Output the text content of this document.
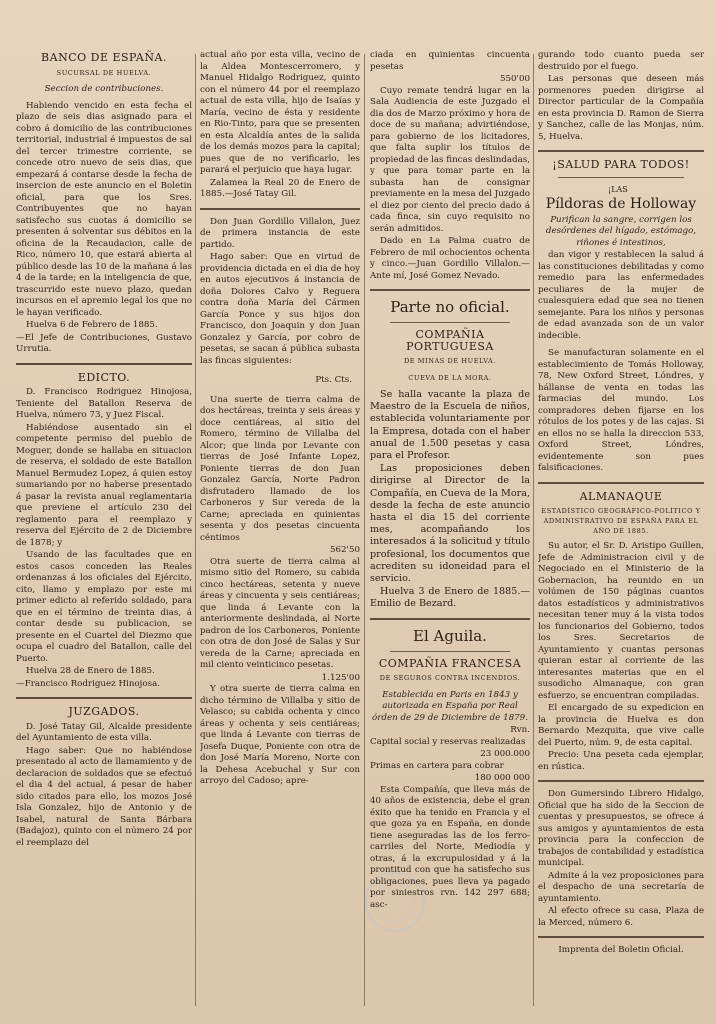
BANCO DE ESPAÑA.
SUCURSAL DE HUELVA.

Seccion de contribuciones.

Habiendo vencido en esta fecha el plazo de seis dias asignado para el cobro á domicilio de las contribuciones territorial, industrial é impuestos de sal del tercer trimestre corriente, se concede otro nuevo de seis dias, que empezará á contarse desde la fecha de insercion de este anuncio en el Boletin oficial, para que los Sres. Contribuyentes que no hayan satisfecho sus cuotas á domicilio se presenten á solventar sus débitos en la oficina de la Recaudacion, calle de Rico, número 10, que estará abierta al público desde las 10 de la mañana á las 4 de la tarde; en la inteligencia de que, trascurrido este nuevo plazo, quedan incursos en el apremio legal los que no le hayan verificado.

Huelva 6 de Febrero de 1885.

—El Jefe de Contribuciones, Gustavo Urrutia.

EDICTO.

D. Francisco Rodriguez Hinojosa, Teniente del Batallon Reserva de Huelva, número 73, y Juez Fiscal.

Habiéndose ausentado sin el competente permiso del pueblo de Moguer, donde se hallaba en situacion de reserva, el soldado de este Batallon Manuel Bermudez Lopez, á quien estoy sumariando por no haberse presentado á pasar la revista anual reglamentaria que previene el artículo 230 del reglamento para el reemplazo y reserva del Ejército de 2 de Diciembre de 1878; y

Usando de las facultades que en estos casos conceden las Reales ordenanzas á los oficiales del Ejército, cito, llamo y emplazo por este mi primer edicto al referido soldado, para que en el término de treinta dias, á contar desde su publicacion, se presente en el Cuartel del Diezmo que ocupa el cuadro del Batallon, calle del Puerto.

Huelva 28 de Enero de 1885.

—Francisco Rodriguez Hinojosa.

JUZGADOS.

D. José Tatay Gil, Alcalde presidente del Ayuntamiento de esta villa.

Hago saber: Que no habiéndose presentado al acto de llamamiento y de declaracion de soldados que se efectuó el dia 4 del actual, á pesar de haber sido citados para ello, los mozos José Isla Gonzalez, hijo de Antonio y de Isabel, natural de Santa Bárbara (Badajoz), quinto con el número 24 por el reemplazo del

actual año por esta villa, vecino de la Aldea Montescerromero, y Manuel Hidalgo Rodriguez, quinto con el número 44 por el reemplazo actual de esta villa, hijo de Isaías y María, vecino de ésta y residente en Rio-Tinto, para que se presenten en esta Alcaldía antes de la salida de los demás mozos para la capital; pues que de no verificarlo, les parará el perjuicio que haya lugar.

Zalamea la Real 20 de Enero de 1885.—José Tatay Gil.

Don Juan Gordillo Villalon, Juez de primera instancia de este partido.

Hago saber: Que en virtud de providencia dictada en el dia de hoy en autos ejecutivos á instancia de doña Dolores Calvo y Reguera contra doña María del Cármen García Ponce y sus hijos don Francisco, don Joaquin y don Juan Gonzalez y García, por cobro de pesetas, se sacan á pública subasta las fincas siguientes:

Pts. Cts.

Una suerte de tierra calma de dos hectáreas, treinta y seis áreas y doce centiáreas, al sitio del Romero, término de Villalba del Alcor; que linda por Levante con tierras de José Infante Lopez, Poniente tierras de don Juan Gonzalez García, Norte Padron disfrutadero llamado de los Carboneros y Sur vereda de la Carne; apreciada en quinientas sesenta y dos pesetas cincuenta céntimos

562'50

Otra suerte de tierra calma al mismo sitio del Romero, su cabida cinco hectáreas, setenta y nueve áreas y cincuenta y seis centiáreas; que linda á Levante con la anteriormente deslindada, al Norte padron de los Carboneros, Poniente con otra de don José de Salas y Sur vereda de la Carne; apreciada en mil ciento veinticinco pesetas.

1.125'00

Y otra suerte de tierra calma en dicho término de Villalba y sitio de Velasco; su cabida ochenta y cinco áreas y ochenta y seis centiáreas; que linda á Levante con tierras de Josefa Duque, Poniente con otra de don José María Moreno, Norte con la Dehesa Acebuchal y Sur con arroyo del Cadoso; apre-

ciada en quinientas cincuenta pesetas

550'00

Cuyo remate tendrá lugar en la Sala Audiencia de este Juzgado el dia dos de Marzo próximo y hora de doce de su mañana; advirtiéndose, para gobierno de los licitadores, que falta suplir los títulos de propiedad de las fincas deslindadas, y que para tomar parte en la subasta han de consignar previamente en la mesa del Juzgado el diez por ciento del precio dado á cada finca, sin cuyo requisito no serán admitidos.

Dado en La Palma cuatro de Febrero de mil ochocientos ochenta y cinco.—Juan Gordillo Villalon.—Ante mí, José Gomez Nevado.

Parte no oficial.
COMPAÑIA PORTUGUESA
DE MINAS DE HUELVA.
CUEVA DE LA MORA.

Se halla vacante la plaza de Maestro de la Escuela de niños, establecida voluntariamente por la Empresa, dotada con el haber anual de 1.500 pesetas y casa para el Profesor.

Las proposiciones deben dirigirse al Director de la Compañía, en Cueva de la Mora, desde la fecha de este anuncio hasta el dia 15 del corriente mes, acompañando los interesados á la solicitud y título profesional, los documentos que acrediten su idoneidad para el servicio.

Huelva 3 de Enero de 1885.—Emilio de Bezard.

El Aguila.
COMPAÑIA FRANCESA
DE SEGUROS CONTRA INCENDIOS.

Establecida en Paris en 1843 y autorizada en España por Real órden de 29 de Diciembre de 1879.

Rvn.

Capital social y reservas realizadas

23 000.000

Primas en cartera para cobrar

180 000 000

Esta Compañía, que lleva más de 40 años de existencia, debe el gran éxito que ha tenido en Francia y el que goza ya en España, en donde tiene aseguradas las de los ferro-carriles del Norte, Mediodía y otras, á la excrupulosidad y á la prontitud con que ha satisfecho sus obligaciones, pues lleva ya pagado por siniestros rvn. 142 297 688; asc-

gurando todo cuanto pueda ser destruido por el fuego.

Las personas que deseen más pormenores pueden dirigirse al Director particular de la Compañía en esta provincia D. Ramon de Sierra y Sanchez, calle de las Monjas, núm. 5, Huelva.

¡SALUD PARA TODOS!
¡LAS
Píldoras de Holloway

Purifican la sangre, corrigen los desórdenes del hígado, estómago, riñones é intestinos,

dan vigor y restablecen la salud á las constituciones debilitadas y como remedio para las enfermedades peculiares de la mujer de cualesquiera edad que sea no tienen semejante. Para los niños y personas de edad avanzada son de un valor indecible.

Se manufacturan solamente en el establecimiento de Tomás Holloway, 78, New Oxford Street, Lóndres, y hállanse de venta en todas las farmacias del mundo. Los compradores deben fijarse en los rótulos de los potes y de las cajas. Si en ellos no se halla la direccion 533, Oxford Street, Lóndres, evidentemente son pues falsificaciones.

ALMANAQUE
ESTADÍSTICO GEOGRÁFICO-POLÍTICO Y ADMINISTRATIVO DE ESPAÑA PARA EL AÑO DE 1885.

Su autor, el Sr. D. Aristipo Guillen, Jefe de Administracion civil y de Negociado en el Ministerio de la Gobernacion, ha reunido en un volúmen de 150 páginas cuantos datos estadísticos y administrativos necesitan tener muy á la vista todos los funcionarios del Gobierno, todos los Sres. Secretarios de Ayuntamiento y cuantas personas quieran estar al corriente de las interesantes materias que en el susodicho Almanaque, con gran esfuerzo, se encuentran compiladas.

El encargado de su expedicion en la provincia de Huelva es don Bernardo Mezquita, que vive calle del Puerto, núm. 9, de esta capital.

Precio: Una peseta cada ejemplar, en rústica.

Don Gumersindo Librero Hidalgo, Oficial que ha sido de la Seccion de cuentas y presupuestos, se ofrece á sus amigos y ayuntamientos de esta provincia para la confeccion de trabajos de contabilidad y estadística municipal.

Admite á la vez proposiciones para el despacho de una secretaría de ayuntamiento.

Al efecto ofrece su casa, Plaza de la Merced, número 6.

Imprenta del Boletin Oficial.
